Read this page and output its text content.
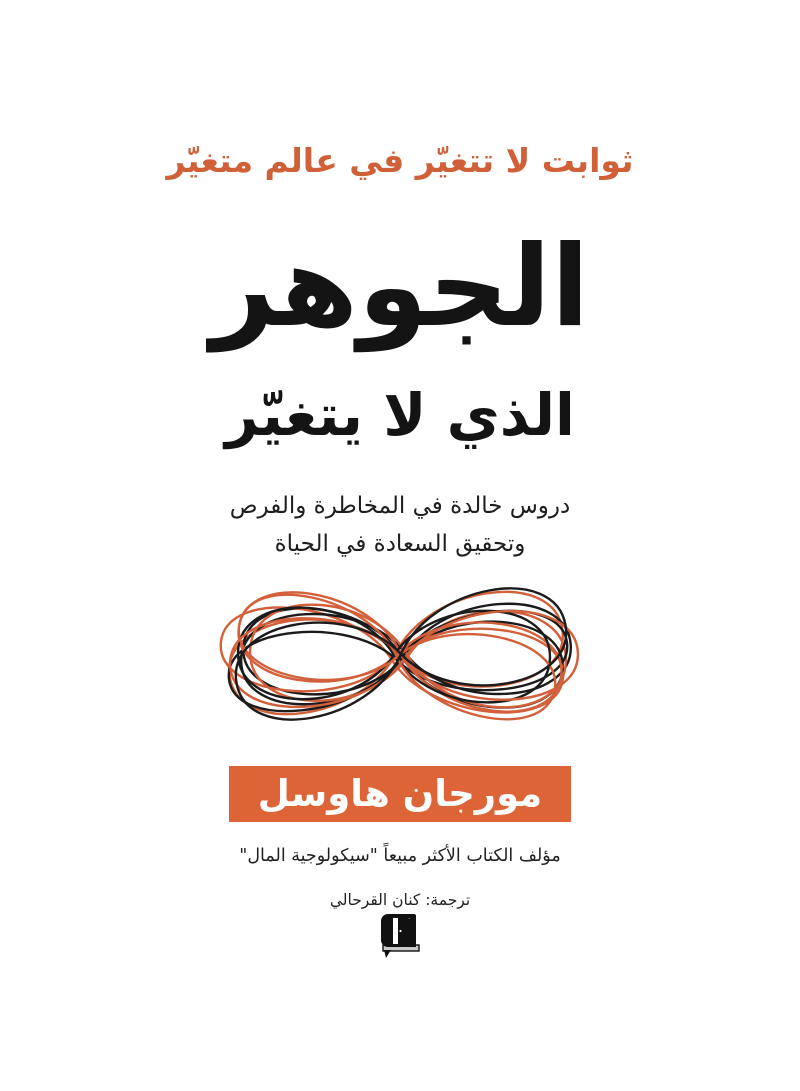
ثوابت لا تتغيّر في عالم متغيّر
الجوهر
الذي لا يتغيّر
دروس خالدة في المخاطرة والفرص
وتحقيق السعادة في الحياة
مورجان هاوسل
مؤلف الكتاب الأكثر مبيعاً "سيكولوجية المال"
ترجمة: كنان القرحالي
